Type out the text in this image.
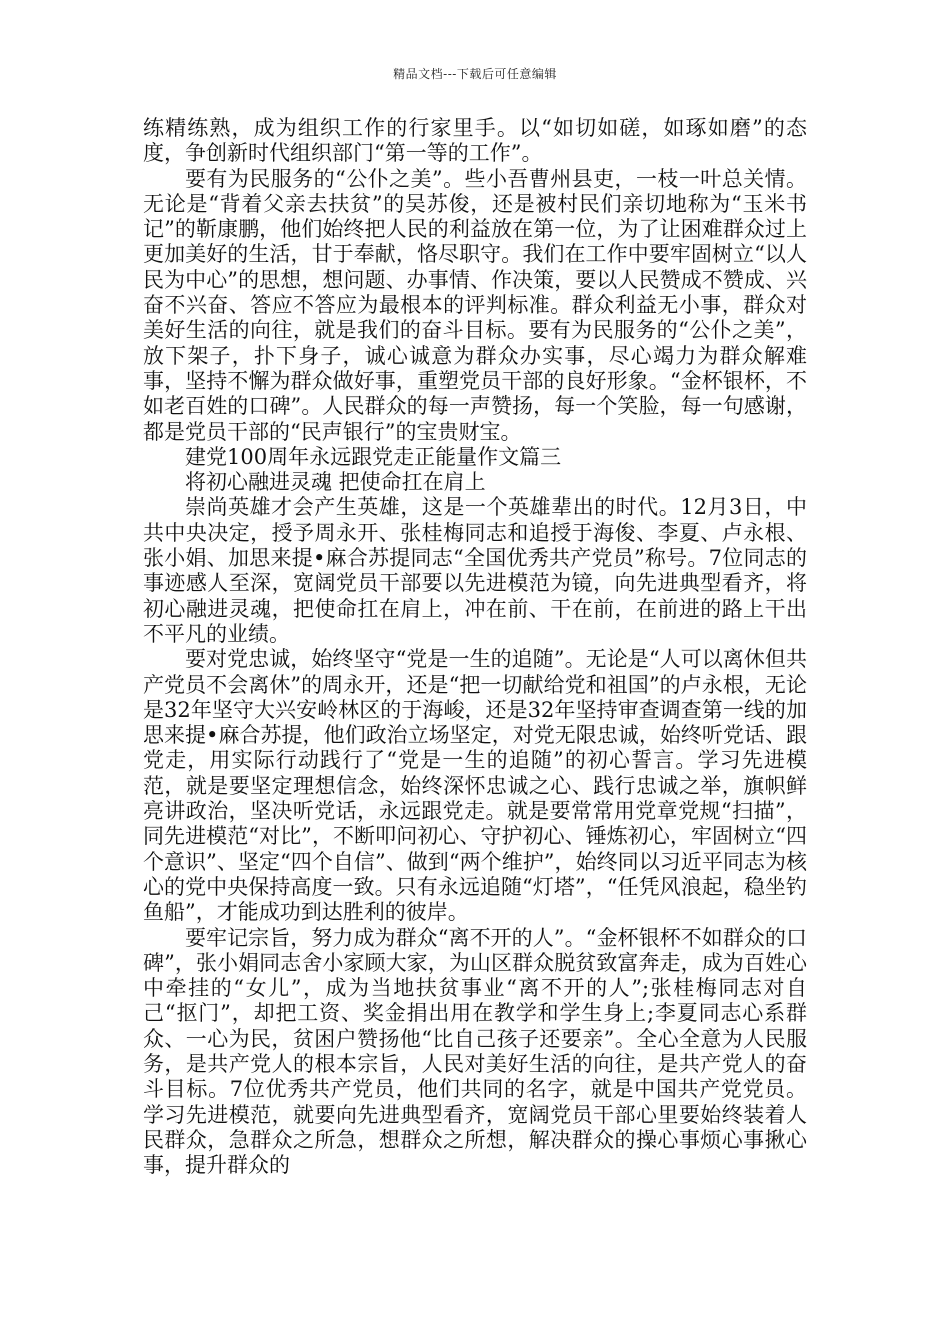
精品文档---下载后可任意编辑

练精练熟，成为组织工作的行家里手。以“如切如磋，如琢如磨”的态度，争创新时代组织部门“第一等的工作”。

要有为民服务的“公仆之美”。些小吾曹州县吏，一枝一叶总关情。无论是“背着父亲去扶贫”的吴苏俊，还是被村民们亲切地称为“玉米书记”的靳康鹏，他们始终把人民的利益放在第一位，为了让困难群众过上更加美好的生活，甘于奉献，恪尽职守。我们在工作中要牢固树立“以人民为中心”的思想，想问题、办事情、作决策，要以人民赞成不赞成、兴奋不兴奋、答应不答应为最根本的评判标准。群众利益无小事，群众对美好生活的向往，就是我们的奋斗目标。要有为民服务的“公仆之美”，放下架子，扑下身子，诚心诚意为群众办实事，尽心竭力为群众解难事，坚持不懈为群众做好事，重塑党员干部的良好形象。“金杯银杯，不如老百姓的口碑”。人民群众的每一声赞扬，每一个笑脸，每一句感谢，都是党员干部的“民声银行”的宝贵财宝。

建党100周年永远跟党走正能量作文篇三

将初心融进灵魂 把使命扛在肩上

崇尚英雄才会产生英雄，这是一个英雄辈出的时代。12月3日，中共中央决定，授予周永开、张桂梅同志和追授于海俊、李夏、卢永根、张小娟、加思来提•麻合苏提同志“全国优秀共产党员”称号。7位同志的事迹感人至深，宽阔党员干部要以先进模范为镜，向先进典型看齐，将初心融进灵魂，把使命扛在肩上，冲在前、干在前，在前进的路上干出不平凡的业绩。

要对党忠诚，始终坚守“党是一生的追随”。无论是“人可以离休但共产党员不会离休”的周永开，还是“把一切献给党和祖国”的卢永根，无论是32年坚守大兴安岭林区的于海峻，还是32年坚持审查调查第一线的加思来提•麻合苏提，他们政治立场坚定，对党无限忠诚，始终听党话、跟党走，用实际行动践行了“党是一生的追随”的初心誓言。学习先进模范，就是要坚定理想信念，始终深怀忠诚之心、践行忠诚之举，旗帜鲜亮讲政治，坚决听党话，永远跟党走。就是要常常用党章党规“扫描”，同先进模范“对比”，不断叩问初心、守护初心、锤炼初心，牢固树立“四个意识”、坚定“四个自信”、做到“两个维护”，始终同以习近平同志为核心的党中央保持高度一致。只有永远追随“灯塔”，“任凭风浪起，稳坐钓鱼船”，才能成功到达胜利的彼岸。

要牢记宗旨，努力成为群众“离不开的人”。“金杯银杯不如群众的口碑”，张小娟同志舍小家顾大家，为山区群众脱贫致富奔走，成为百姓心中牵挂的“女儿”，成为当地扶贫事业“离不开的人”;张桂梅同志对自己“抠门”，却把工资、奖金捐出用在教学和学生身上;李夏同志心系群众、一心为民，贫困户赞扬他“比自己孩子还要亲”。全心全意为人民服务，是共产党人的根本宗旨，人民对美好生活的向往，是共产党人的奋斗目标。7位优秀共产党员，他们共同的名字，就是中国共产党党员。学习先进模范，就要向先进典型看齐，宽阔党员干部心里要始终装着人民群众，急群众之所急，想群众之所想，解决群众的操心事烦心事揪心事，提升群众的
